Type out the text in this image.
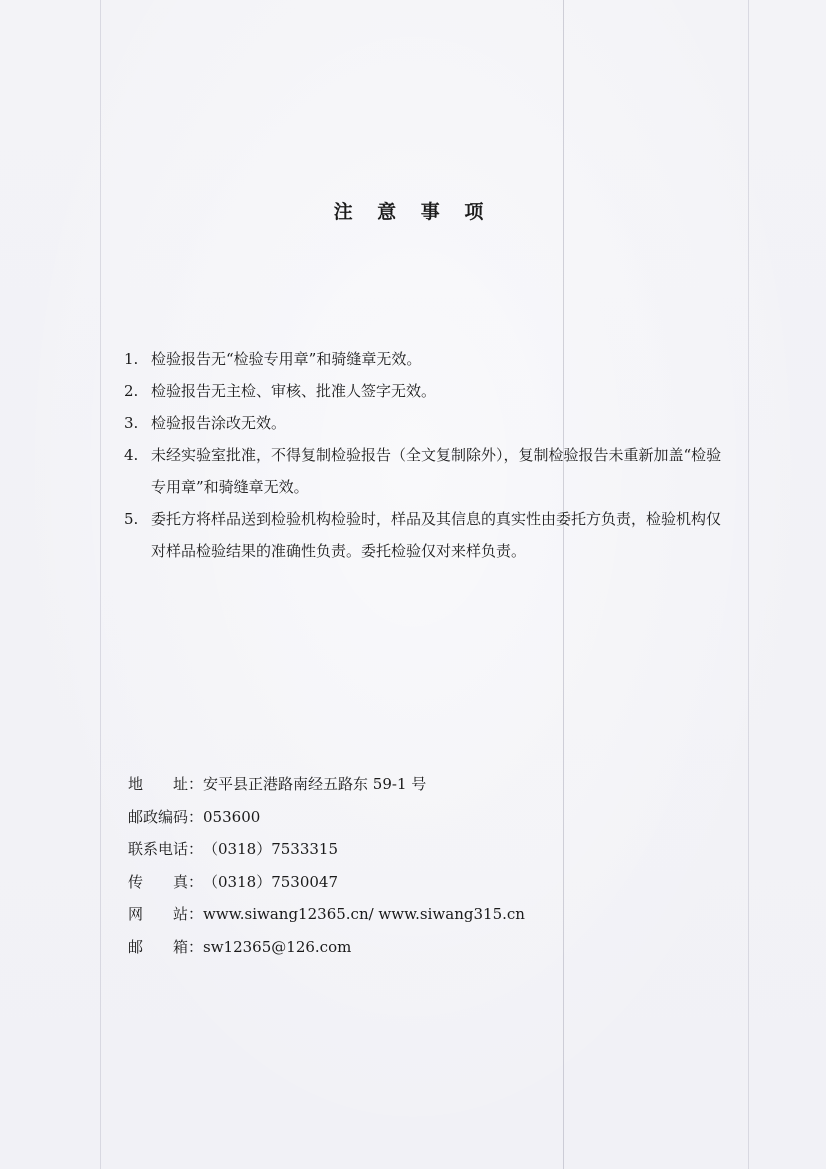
注 意 事 项
1. 检验报告无“检验专用章”和骑缝章无效。
2. 检验报告无主检、审核、批准人签字无效。
3. 检验报告涂改无效。
4. 未经实验室批准，不得复制检验报告（全文复制除外），复制检验报告未重新加盖“检验专用章”和骑缝章无效。
5. 委托方将样品送到检验机构检验时，样品及其信息的真实性由委托方负责，检验机构仅对样品检验结果的准确性负责。委托检验仅对来样负责。
地　　址：安平县正港路南经五路东 59-1 号
邮政编码：053600
联系电话：（0318）7533315
传　　真：（0318）7530047
网　　站：www.siwang12365.cn/ www.siwang315.cn
邮　　箱：sw12365@126.com
